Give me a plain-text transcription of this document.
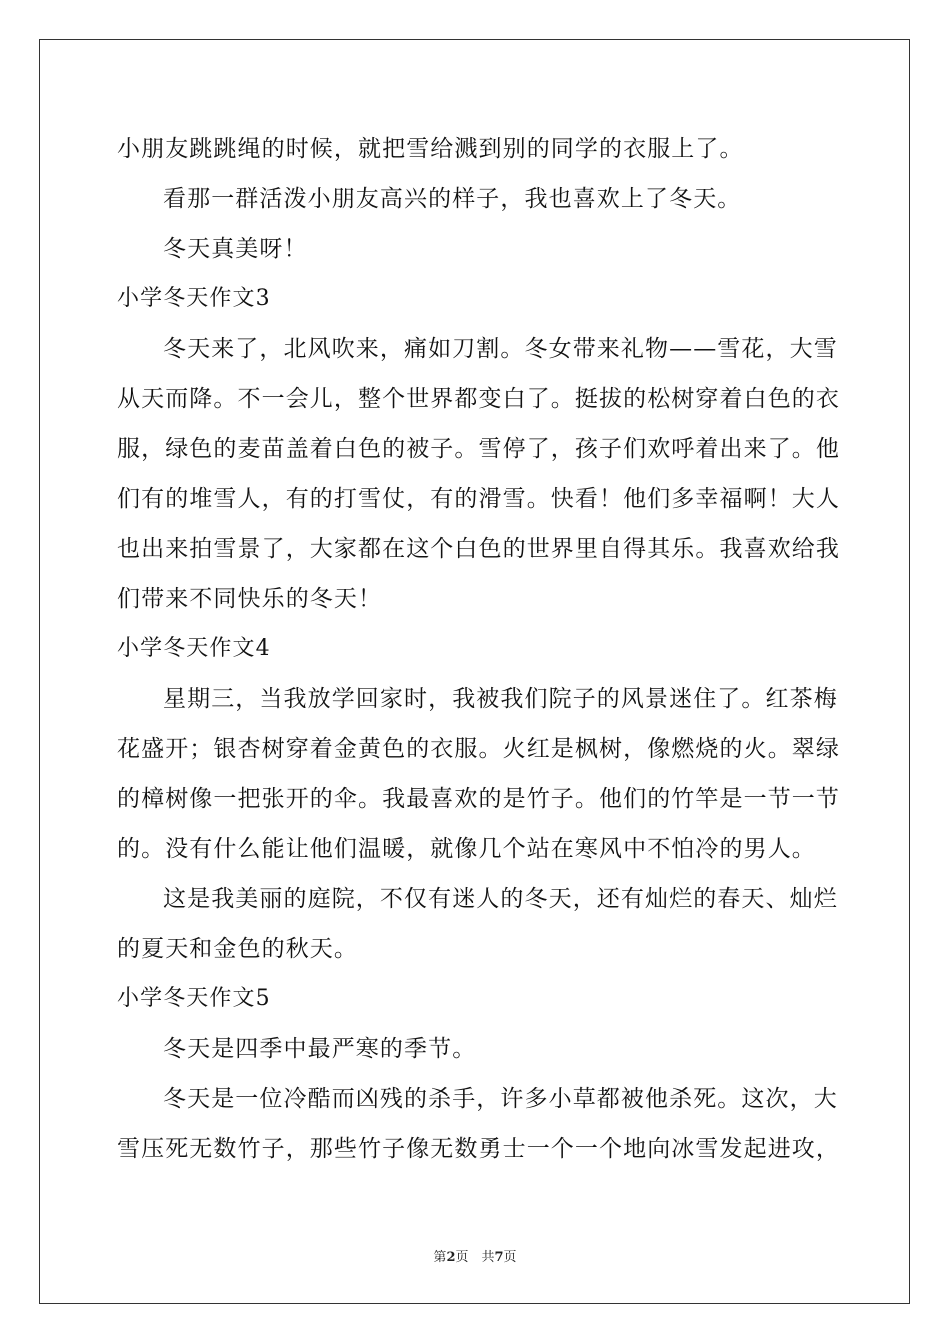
小朋友跳跳绳的时候，就把雪给溅到别的同学的衣服上了。
看那一群活泼小朋友高兴的样子，我也喜欢上了冬天。
冬天真美呀！
小学冬天作文3
冬天来了，北风吹来，痛如刀割。冬女带来礼物——雪花，大雪
从天而降。不一会儿，整个世界都变白了。挺拔的松树穿着白色的衣
服，绿色的麦苗盖着白色的被子。雪停了，孩子们欢呼着出来了。他
们有的堆雪人，有的打雪仗，有的滑雪。快看！他们多幸福啊！大人
也出来拍雪景了，大家都在这个白色的世界里自得其乐。我喜欢给我
们带来不同快乐的冬天！
小学冬天作文4
星期三，当我放学回家时，我被我们院子的风景迷住了。红茶梅
花盛开；银杏树穿着金黄色的衣服。火红是枫树，像燃烧的火。翠绿
的樟树像一把张开的伞。我最喜欢的是竹子。他们的竹竿是一节一节
的。没有什么能让他们温暖，就像几个站在寒风中不怕冷的男人。
这是我美丽的庭院，不仅有迷人的冬天，还有灿烂的春天、灿烂
的夏天和金色的秋天。
小学冬天作文5
冬天是四季中最严寒的季节。
冬天是一位冷酷而凶残的杀手，许多小草都被他杀死。这次，大
雪压死无数竹子，那些竹子像无数勇士一个一个地向冰雪发起进攻，
第2页　共7页
